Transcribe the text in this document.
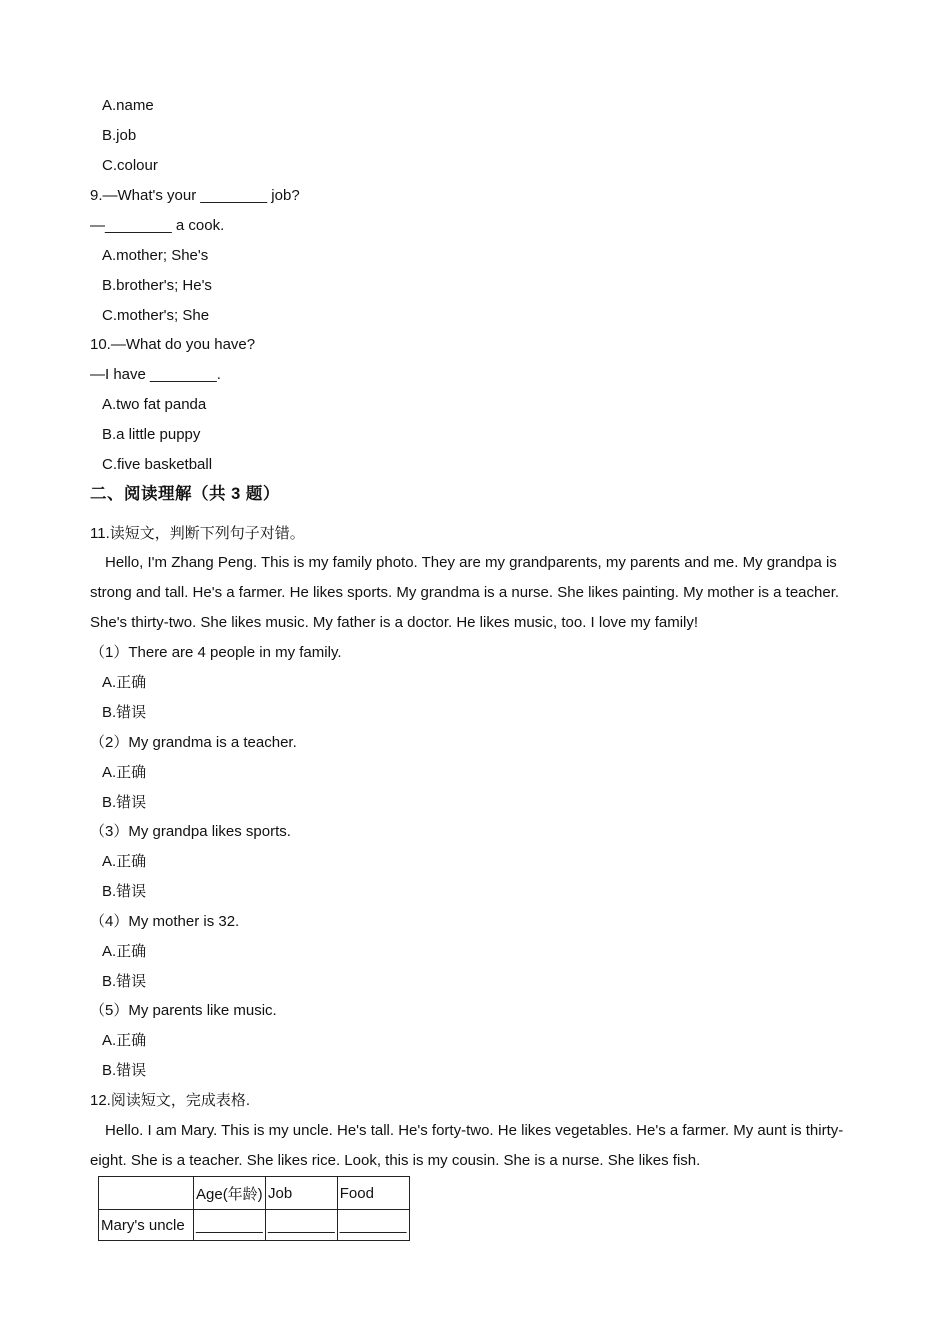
A.name

B.job

C.colour

9.—What's your ________ job?

—________ a cook.

A.mother; She's

B.brother's; He's

C.mother's; She

10.—What do you have?

—I have ________.

A.two fat panda

B.a little puppy

C.five basketball

二、阅读理解（共 3 题）

11.读短文，判断下列句子对错。

Hello, I'm Zhang Peng. This is my family photo. They are my grandparents, my parents and me. My grandpa is strong and tall. He's a farmer. He likes sports. My grandma is a nurse. She likes painting. My mother is a teacher. She's thirty-two. She likes music. My father is a doctor. He likes music, too. I love my family!

（1）There are 4 people in my family.

A.正确

B.错误

（2）My grandma is a teacher.

A.正确

B.错误

（3）My grandpa likes sports.

A.正确

B.错误

（4）My mother is 32.

A.正确

B.错误

（5）My parents like music.

A.正确

B.错误

12.阅读短文，完成表格.

Hello. I am Mary. This is my uncle. He's tall. He's forty-two. He likes vegetables. He's a farmer. My aunt is thirty-eight. She is a teacher. She likes rice. Look, this is my cousin. She is a nurse. She likes fish.

	Age(年龄)	Job	Food
Mary's uncle	________	________	________
